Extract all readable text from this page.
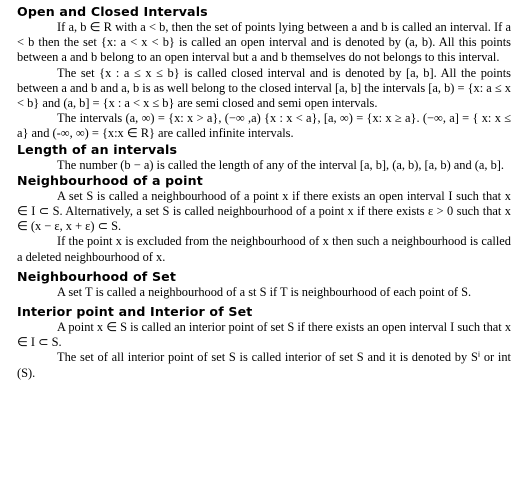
Open and Closed Intervals

If a, b ∈ R with a < b, then the set of points lying between a and b is called an interval. If a < b then the set {x: a < x < b} is called an open interval and is denoted by (a, b). All this points between a and b belong to an open interval but a and b themselves do not belongs to this interval.

The set {x : a ≤ x ≤ b} is called closed interval and is denoted by [a, b]. All the points between a and b and a, b is as well belong to the closed interval [a, b] the intervals [a, b) = {x: a ≤ x < b} and (a, b] = {x : a < x ≤ b} are semi closed and semi open intervals.

The intervals (a, ∞) = {x: x > a}, (−∞ ,a) {x : x < a}, [a, ∞) = {x: x ≥ a}. (−∞, a] = { x: x ≤ a} and (-∞, ∞) = {x:x ∈ R} are called infinite intervals.

Length of an intervals

The number (b − a) is called the length of any of the interval [a, b], (a, b), [a, b) and (a, b].

Neighbourhood of a point

A set S is called a neighbourhood of a point x if there exists an open interval I such that x ∈ I ⊂ S. Alternatively, a set S is called neighbourhood of a point x if there exists ε > 0 such that x ∈ (x − ε, x + ε) ⊂ S.

If the point x is excluded from the neighbourhood of x then such a neighbourhood is called a deleted neighbourhood of x.

Neighbourhood of Set

A set T is called a neighbourhood of a st S if T is neighbourhood of each point of S.

Interior point and Interior of Set

A point x ∈ S is called an interior point of set S if there exists an open interval I such that x ∈ I ⊂ S.

The set of all interior point of set S is called interior of set S and it is denoted by Sⁱ or int (S).
